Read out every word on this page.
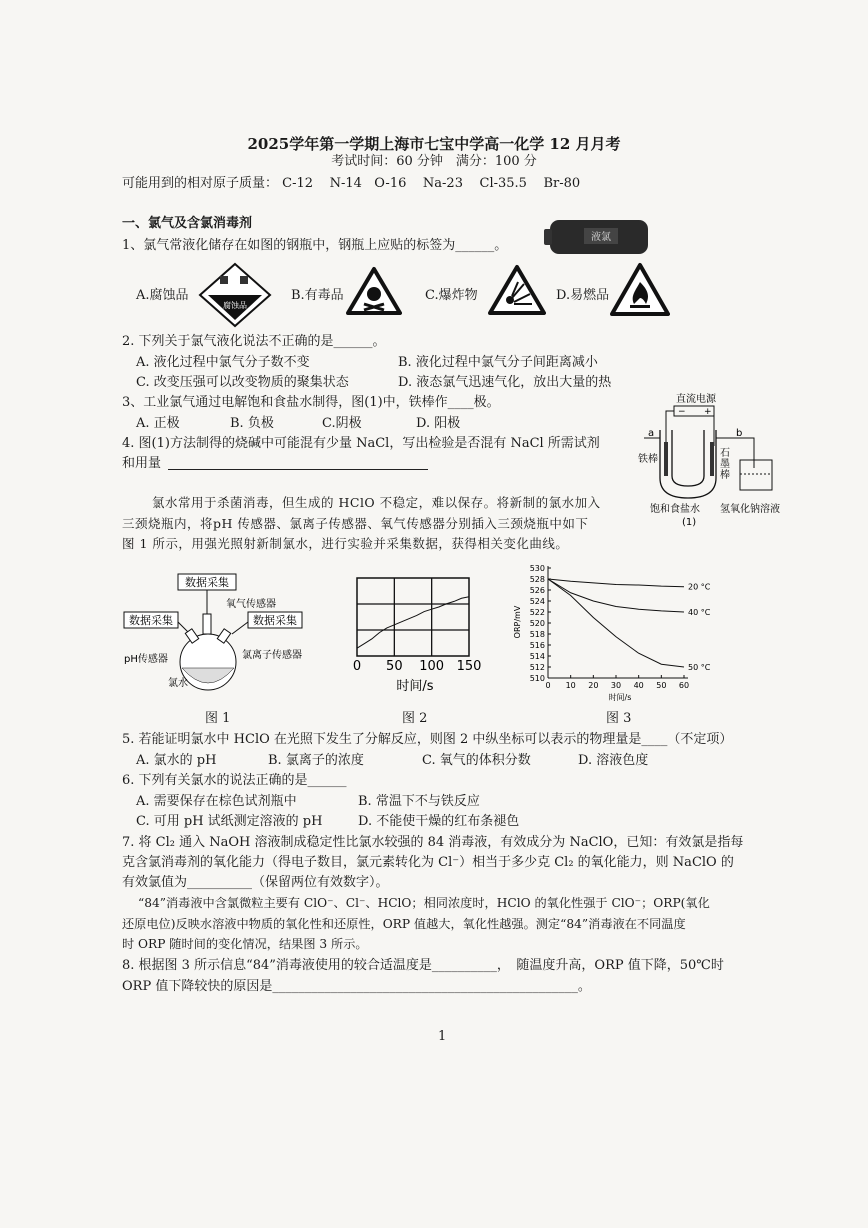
2025学年第一学期上海市七宝中学高一化学 12 月月考
考试时间：60 分钟　满分：100 分
可能用到的相对原子质量： C-12 N-14 O-16 Na-23 Cl-35.5 Br-80
一、氯气及含氯消毒剂
液氯
1、氯气常液化储存在如图的钢瓶中，钢瓶上应贴的标签为______。
A.腐蚀品
腐蚀品
B.有毒品	C.爆炸物	D.易燃品
2. 下列关于氯气液化说法不正确的是______。
A. 液化过程中氯气分子数不变	B. 液化过程中氯气分子间距离减小
C. 改变压强可以改变物质的聚集状态	D. 液态氯气迅速气化，放出大量的热
3、工业氯气通过电解饱和食盐水制得，图(1)中，铁棒作____极。
A. 正极	B. 负极	C.阴极	D. 阳极
4. 图(1)方法制得的烧碱中可能混有少量 NaCl，写出检验是否混有 NaCl 所需试剂
和用量
直流电源
− +
a	b
铁棒
石
墨
棒
饱和食盐水 氢氧化钠溶液
(1)
氯水常用于杀菌消毒，但生成的 HClO 不稳定，难以保存。将新制的氯水加入
三颈烧瓶内，将pH 传感器、氯离子传感器、氧气传感器分别插入三颈烧瓶中如下
图 1 所示，用强光照射新制氯水，进行实验并采集数据，获得相关变化曲线。
数据采集
氧气传感器
数据采集	数据采集
pH传感器	氯离子传感器
氯水
图 1
0 50 100 150
时间/s
图 2
510
512
514
516
518
520
522
524
526
528
530
0 10 20 30 40 50 60
20 °C
40 °C
50 °C
ORP/mV
时间/s
图 3
5. 若能证明氯水中 HClO 在光照下发生了分解反应，则图 2 中纵坐标可以表示的物理量是____（不定项）
A. 氯水的 pH	B. 氯离子的浓度	C. 氧气的体积分数	D. 溶液色度
6. 下列有关氯水的说法正确的是______
A. 需要保存在棕色试剂瓶中	B. 常温下不与铁反应
C. 可用 pH 试纸测定溶液的 pH	D. 不能使干燥的红布条褪色
7. 将 Cl₂ 通入 NaOH 溶液制成稳定性比氯水较强的 84 消毒液，有效成分为 NaClO，已知：有效氯是指每
克含氯消毒剂的氧化能力（得电子数目，氯元素转化为 Cl⁻）相当于多少克 Cl₂ 的氧化能力，则 NaClO 的
有效氯值为__________（保留两位有效数字）。
“84”消毒液中含氯微粒主要有 ClO⁻、Cl⁻、HClO；相同浓度时，HClO 的氧化性强于 ClO⁻；ORP(氧化
还原电位)反映水溶液中物质的氧化性和还原性，ORP 值越大，氧化性越强。测定“84”消毒液在不同温度
时 ORP 随时间的变化情况，结果图 3 所示。
8. 根据图 3 所示信息“84”消毒液使用的较合适温度是__________，　随温度升高，ORP 值下降，50℃时
ORP 值下降较快的原因是_______________________________________________。
1
